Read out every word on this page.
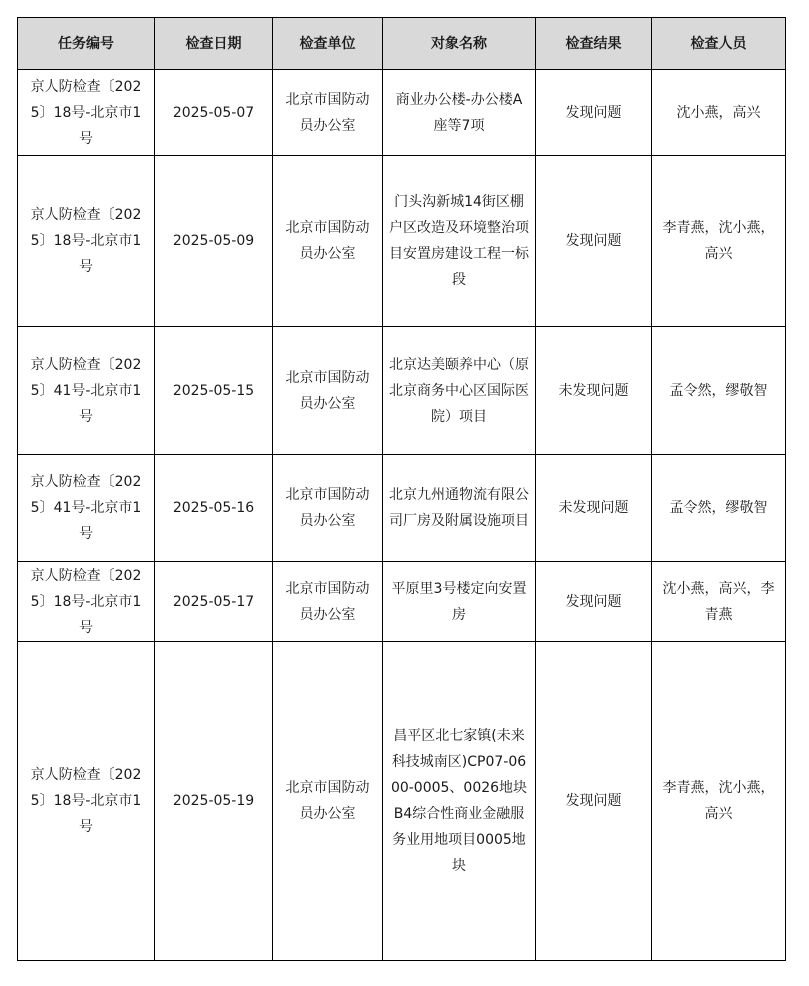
任务编号	检查日期	检查单位	对象名称	检查结果	检查人员
京人防检查〔2025〕18号-北京市1号	2025-05-07	北京市国防动员办公室	商业办公楼-办公楼A座等7项	发现问题	沈小燕，高兴
京人防检查〔2025〕18号-北京市1号	2025-05-09	北京市国防动员办公室	门头沟新城14街区棚户区改造及环境整治项目安置房建设工程一标段	发现问题	李青燕，沈小燕，高兴
京人防检查〔2025〕41号-北京市1号	2025-05-15	北京市国防动员办公室	北京达美颐养中心（原北京商务中心区国际医院）项目	未发现问题	孟令然，缪敬智
京人防检查〔2025〕41号-北京市1号	2025-05-16	北京市国防动员办公室	北京九州通物流有限公司厂房及附属设施项目	未发现问题	孟令然，缪敬智
京人防检查〔2025〕18号-北京市1号	2025-05-17	北京市国防动员办公室	平原里3号楼定向安置房	发现问题	沈小燕，高兴，李青燕
京人防检查〔2025〕18号-北京市1号	2025-05-19	北京市国防动员办公室	昌平区北七家镇(未来科技城南区)CP07-0600-0005、0026地块B4综合性商业金融服务业用地项目0005地块	发现问题	李青燕，沈小燕，高兴
